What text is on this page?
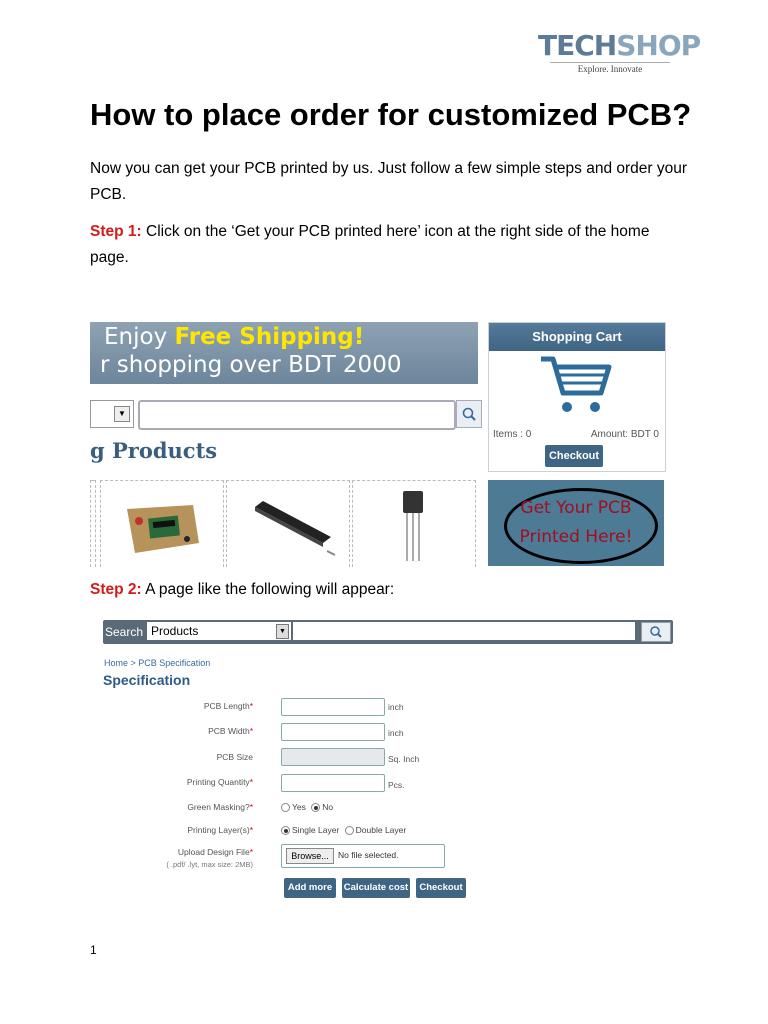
TECHSHOP
Explore. Innovate
How to place order for customized PCB?

Now you can get your PCB printed by us. Just follow a few simple steps and order your PCB.

Step 1: Click on the ‘Get your PCB printed here’ icon at the right side of the home page.

Enjoy Free Shipping!
r shopping over BDT 2000
▼
g Products
Shopping Cart
Items : 0	Amount: BDT 0
Checkout
Get Your PCB
Printed Here!

Step 2: A page like the following will appear:

Search Products	▼
Home > PCB Specification
Specification
PCB Length*	inch
PCB Width*	inch
PCB Size	Sq. Inch
Printing Quantity*	Pcs.
Green Masking?*	Yes No
Printing Layer(s)*	Single Layer Double Layer
Upload Design File*
( .pdf/ .lyt, max size: 2MB)
Browse...	No file selected.
Add more	Calculate cost	Checkout
1
